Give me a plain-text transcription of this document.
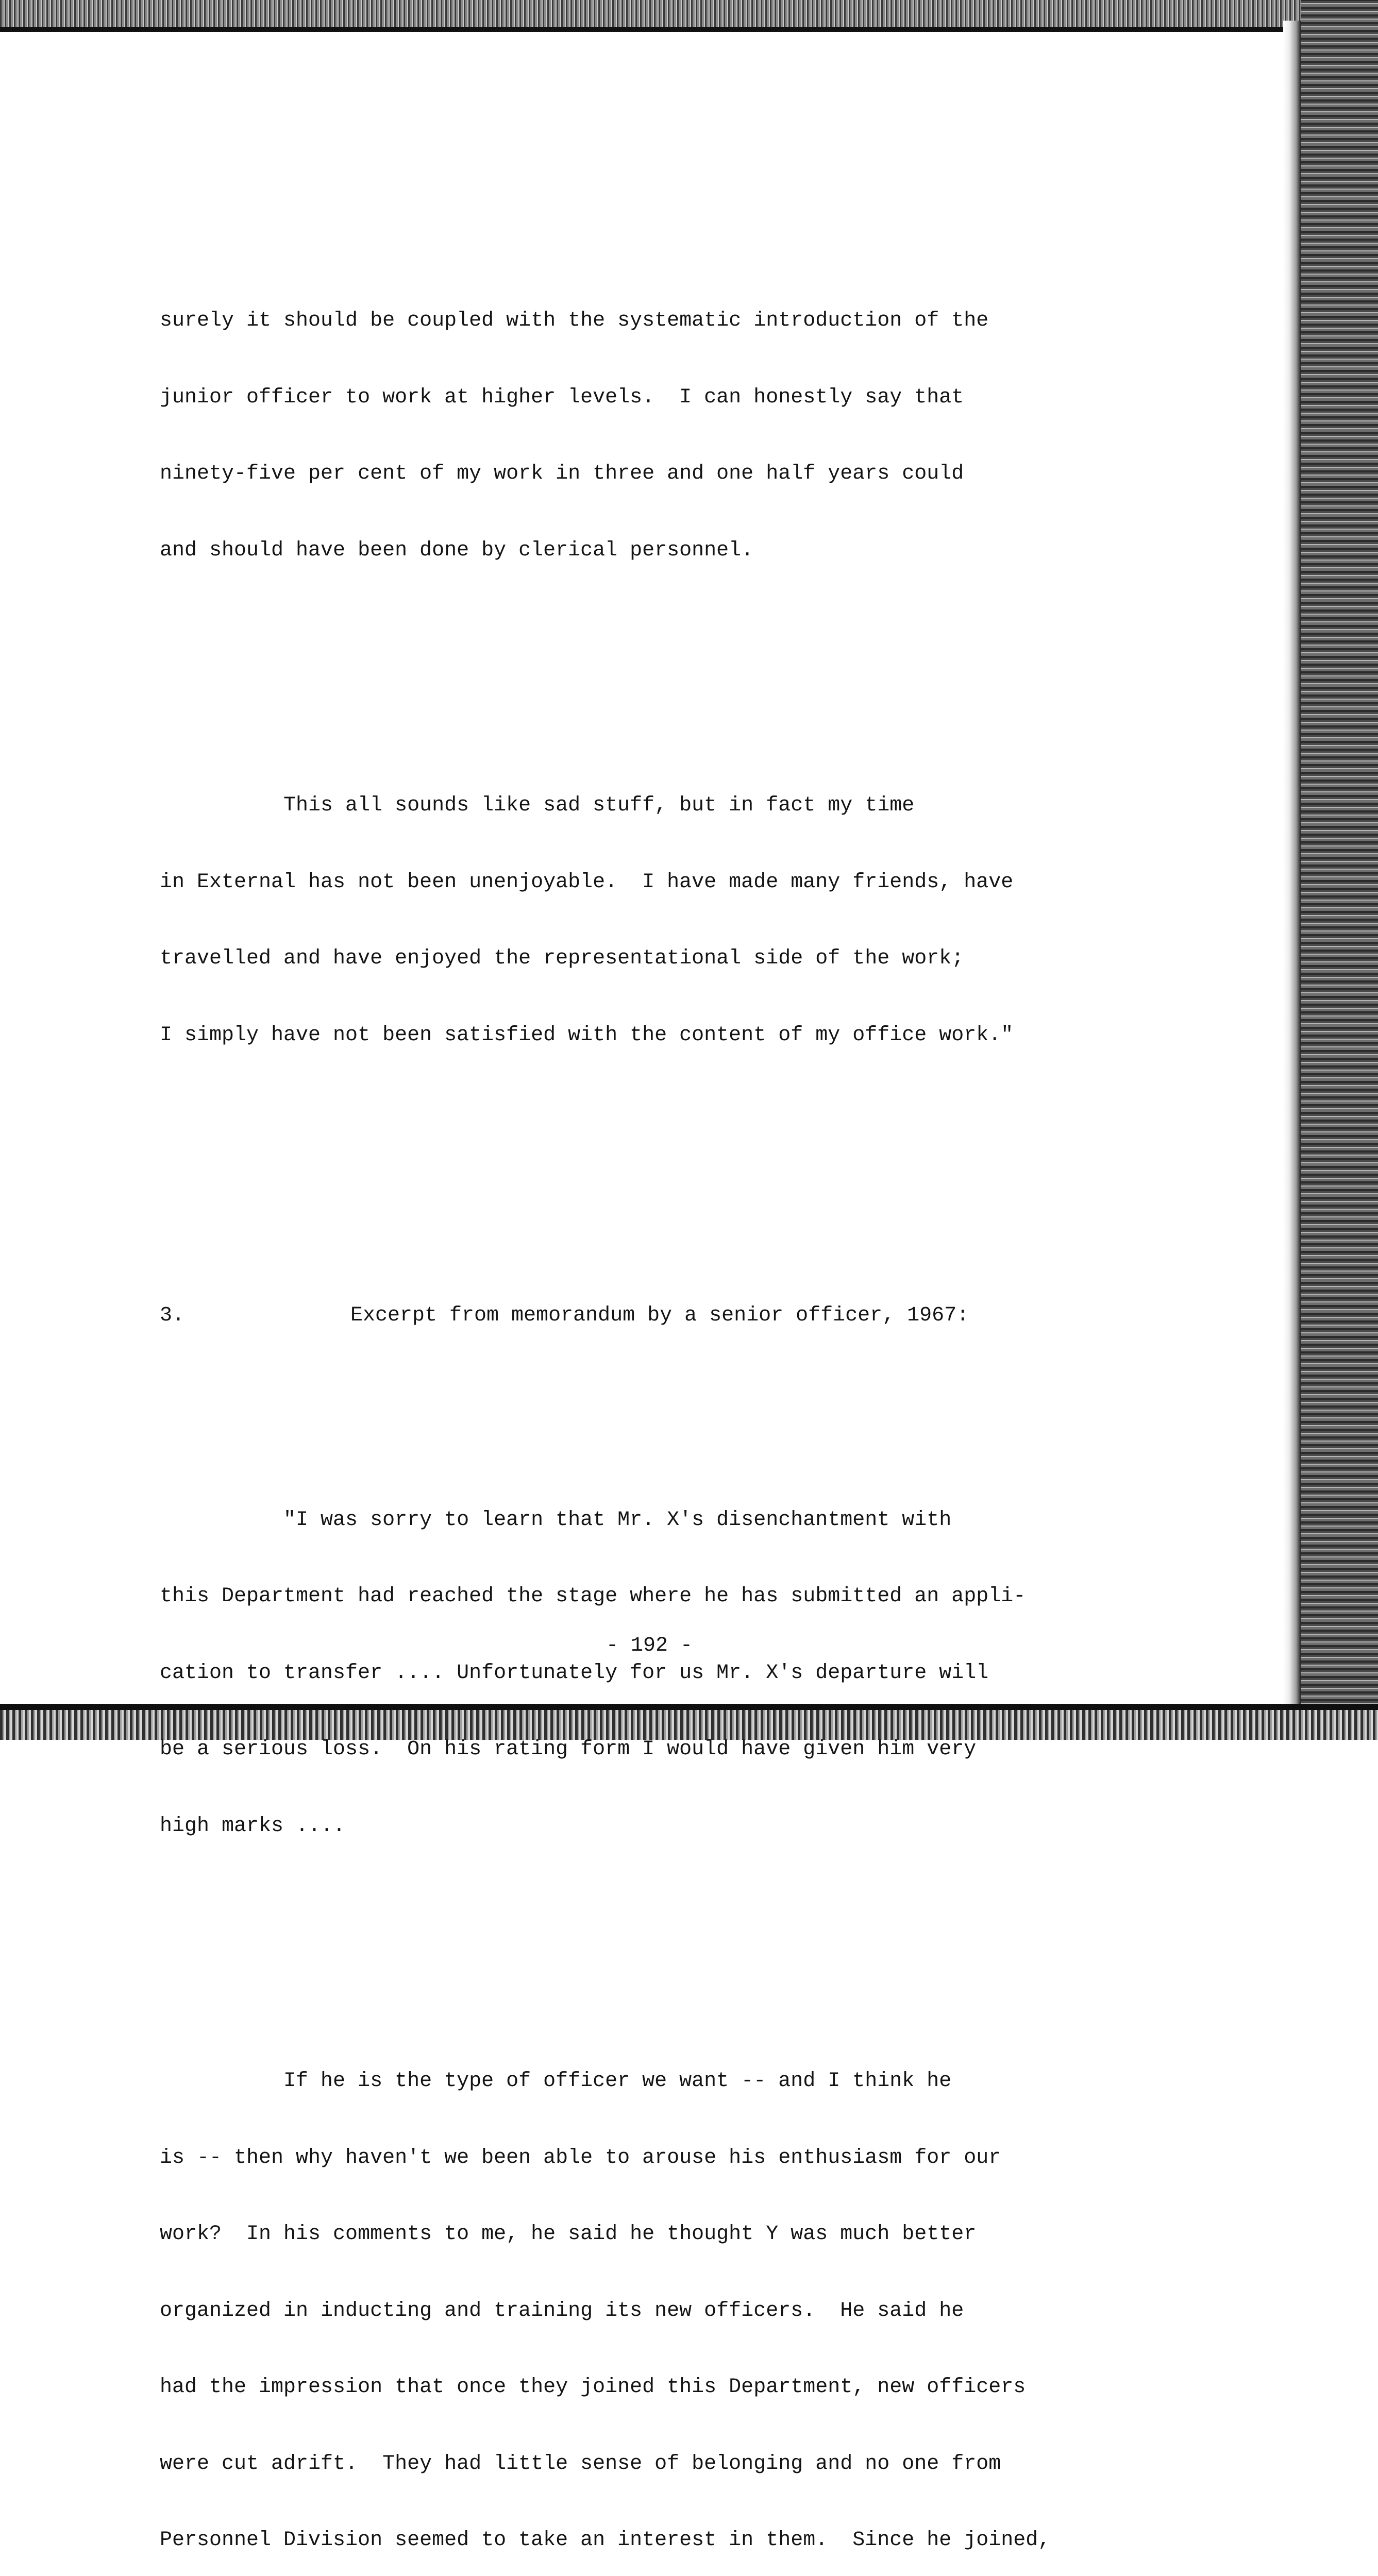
surely it should be coupled with the systematic introduction of the

junior officer to work at higher levels.  I can honestly say that

ninety-five per cent of my work in three and one half years could

and should have been done by clerical personnel.

This all sounds like sad stuff, but in fact my time

in External has not been unenjoyable.  I have made many friends, have

travelled and have enjoyed the representational side of the work;

I simply have not been satisfied with the content of my office work."

3.	Excerpt from memorandum by a senior officer, 1967:

"I was sorry to learn that Mr. X's disenchantment with

this Department had reached the stage where he has submitted an appli-

cation to transfer .... Unfortunately for us Mr. X's departure will

be a serious loss.  On his rating form I would have given him very

high marks ....

If he is the type of officer we want -- and I think he

is -- then why haven't we been able to arouse his enthusiasm for our

work?  In his comments to me, he said he thought Y was much better

organized in inducting and training its new officers.  He said he

had the impression that once they joined this Department, new officers

were cut adrift.  They had little sense of belonging and no one from

Personnel Division seemed to take an interest in them.  Since he joined,

- 192 -
